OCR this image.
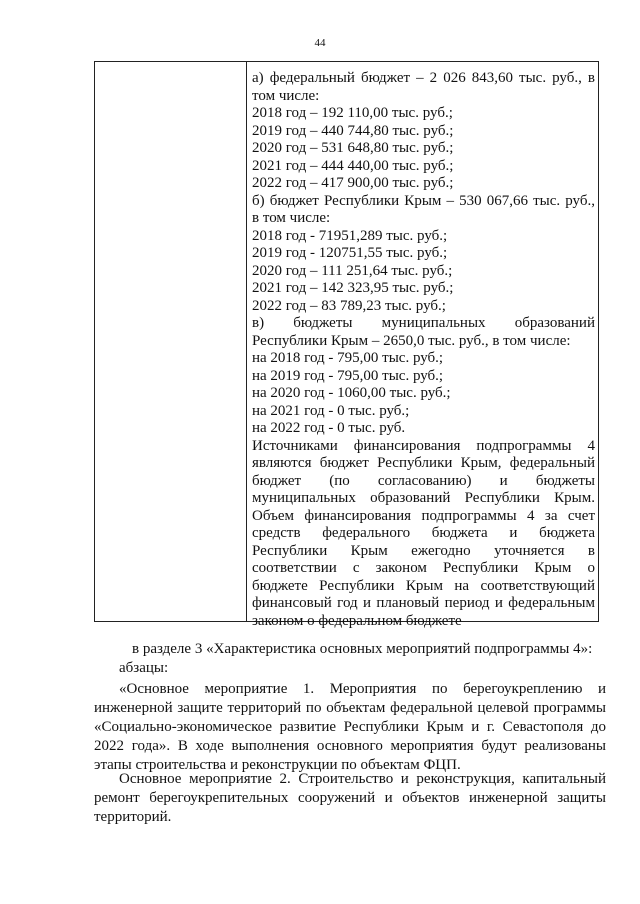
44
а) федеральный бюджет – 2 026 843,60 тыс. руб., в
том числе:
2018 год – 192 110,00 тыс. руб.;
2019 год – 440 744,80 тыс. руб.;
2020 год – 531 648,80 тыс. руб.;
2021 год – 444 440,00 тыс. руб.;
2022 год – 417 900,00 тыс. руб.;
б) бюджет Республики Крым – 530 067,66 тыс. руб.,
в том числе:
2018 год - 71951,289 тыс. руб.;
2019 год - 120751,55 тыс. руб.;
2020 год – 111 251,64 тыс. руб.;
2021 год – 142 323,95 тыс. руб.;
2022 год – 83 789,23 тыс. руб.;
в) бюджеты муниципальных образований
Республики Крым – 2650,0 тыс. руб., в том числе:
на 2018 год - 795,00 тыс. руб.;
на 2019 год - 795,00 тыс. руб.;
на 2020 год - 1060,00 тыс. руб.;
на 2021 год - 0 тыс. руб.;
на 2022 год - 0 тыс. руб.
Источниками финансирования подпрограммы 4
являются бюджет Республики Крым, федеральный
бюджет (по согласованию) и бюджеты
муниципальных образований Республики Крым.
Объем финансирования подпрограммы 4 за счет
средств федерального бюджета и бюджета
Республики Крым ежегодно уточняется в
соответствии с законом Республики Крым о
бюджете Республики Крым на соответствующий
финансовый год и плановый период и федеральным
законом о федеральном бюджете
в разделе 3 «Характеристика основных мероприятий подпрограммы 4»:
абзацы:
«Основное мероприятие 1. Мероприятия по берегоукреплению и
инженерной защите территорий по объектам федеральной целевой программы
«Социально-экономическое развитие Республики Крым и г. Севастополя до
2022 года». В ходе выполнения основного мероприятия будут реализованы
этапы строительства и реконструкции по объектам ФЦП.
Основное мероприятие 2. Строительство и реконструкция, капитальный
ремонт берегоукрепительных сооружений и объектов инженерной защиты
территорий.
